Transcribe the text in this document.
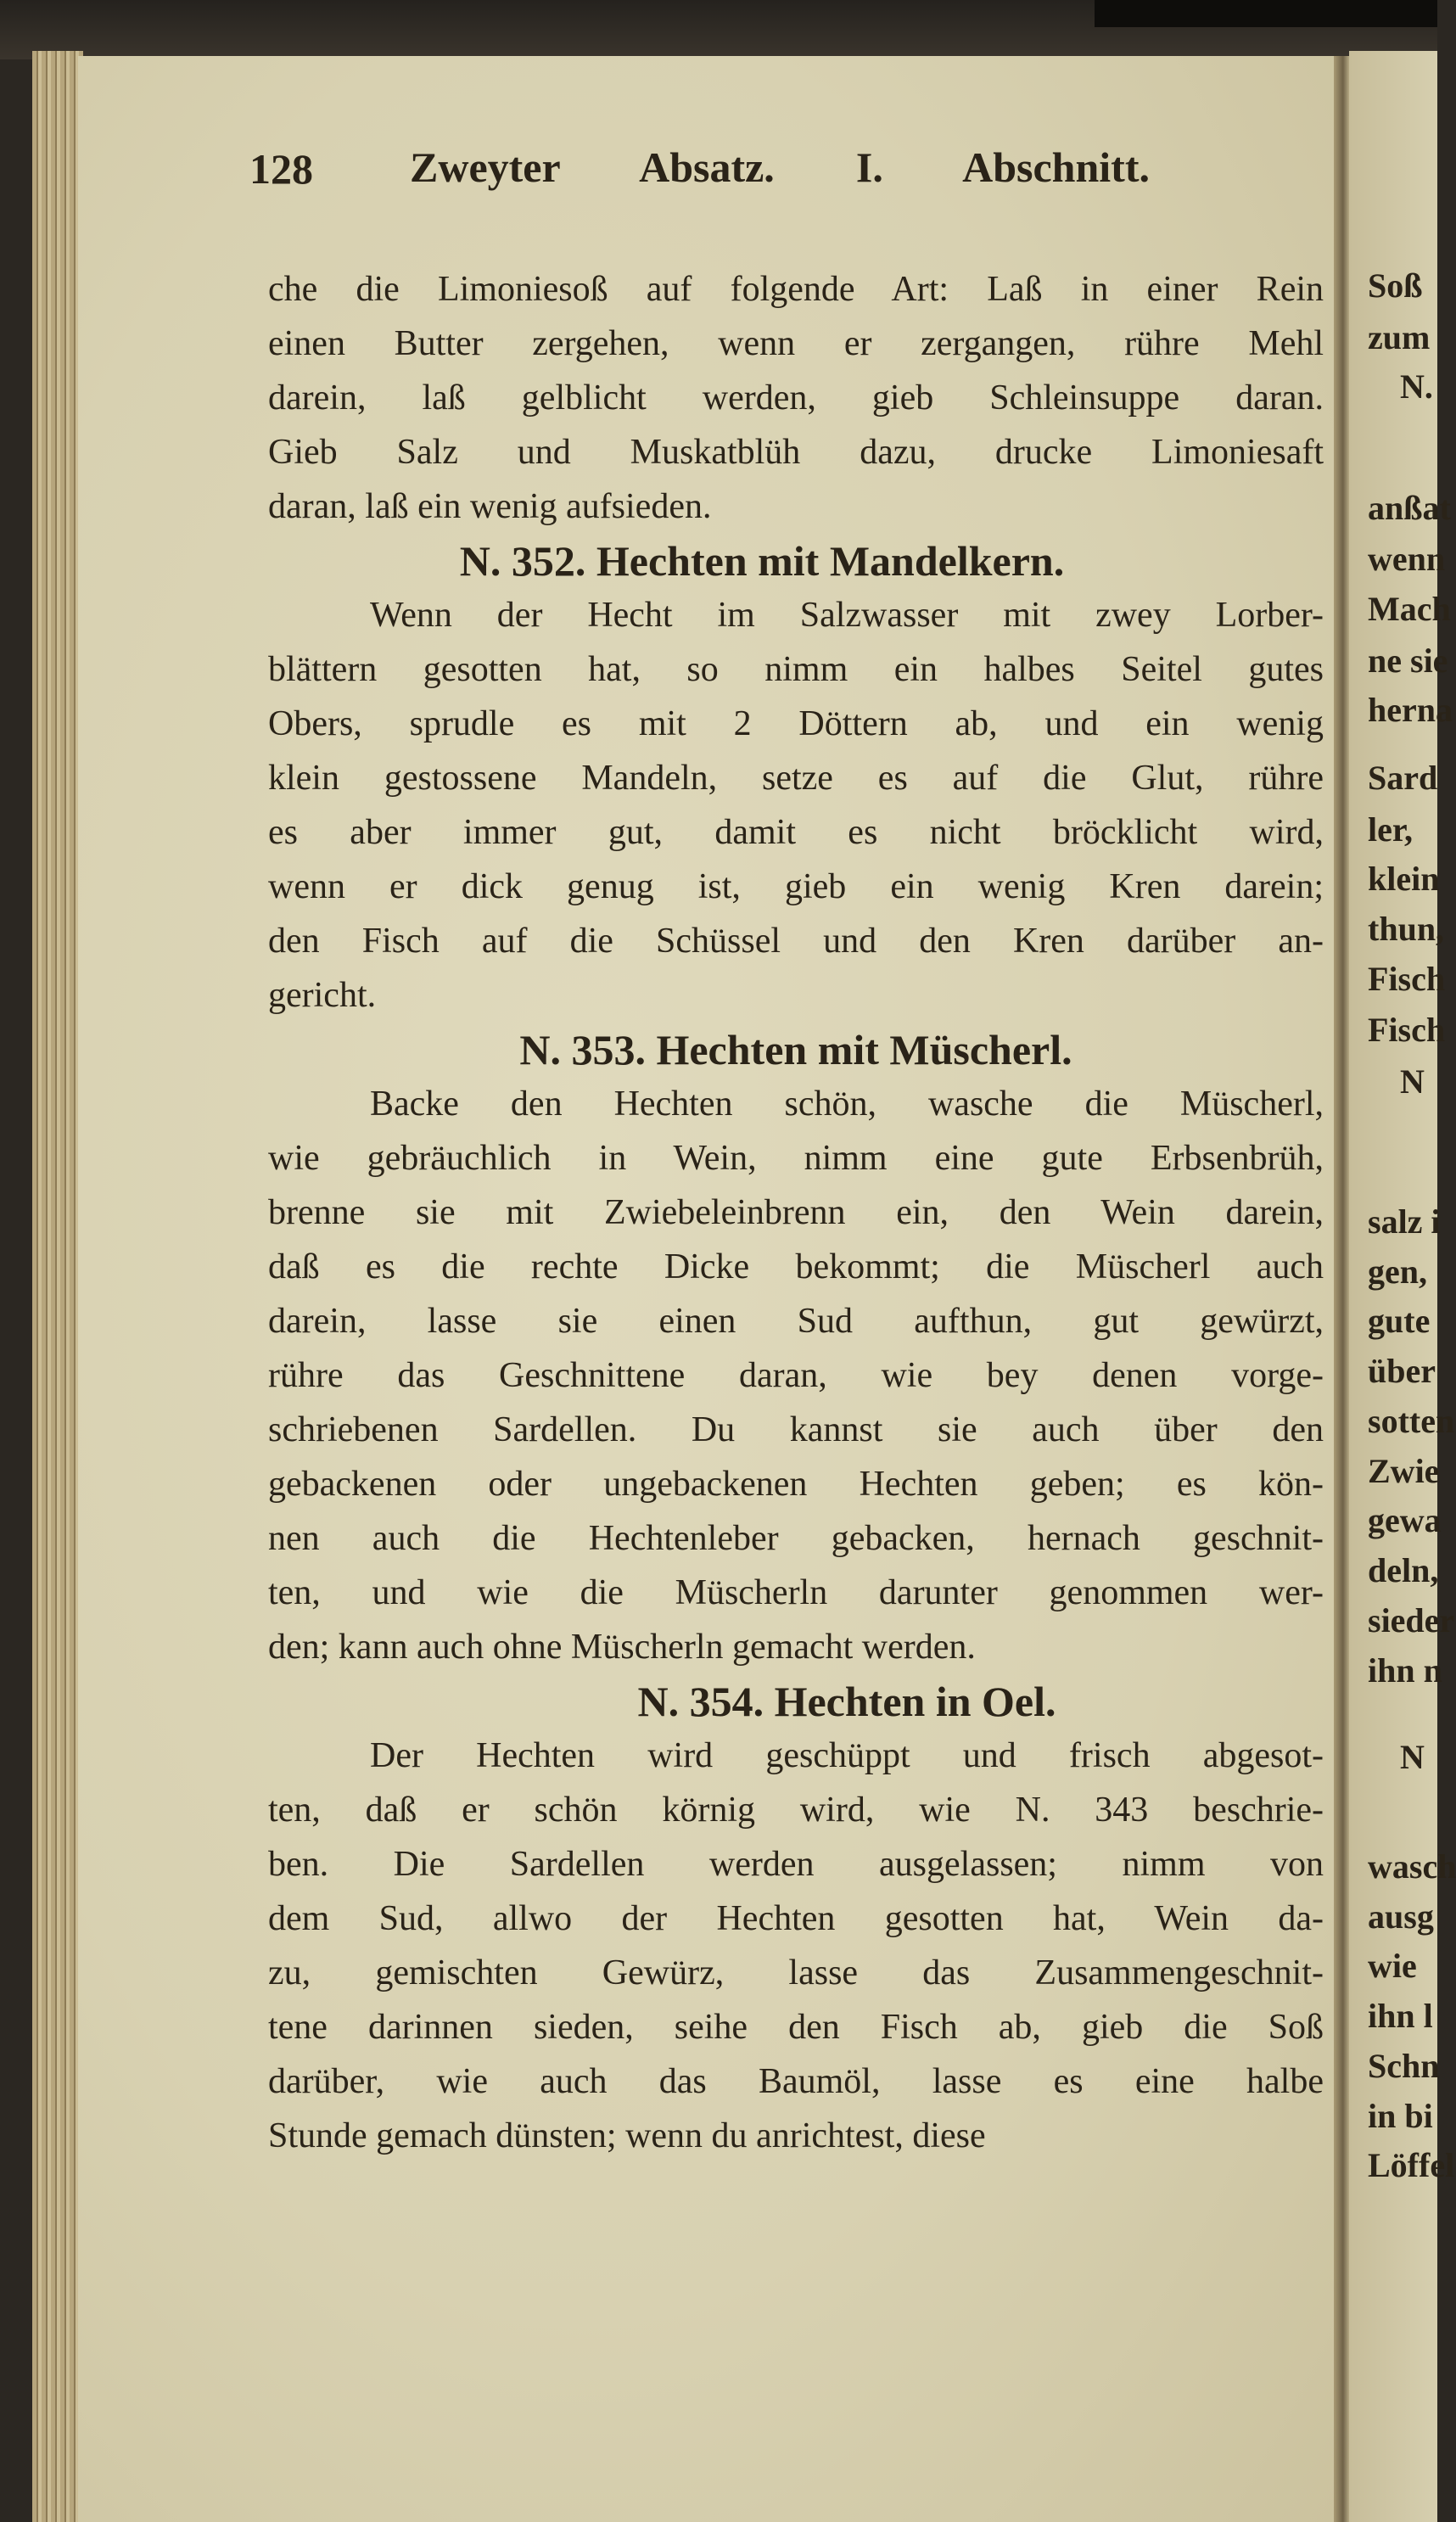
Soß
zum
N.
anßat
wenn
Mach
ne sie
herna
Sard
ler,
klein
thun,
Fisch
Fisch
N
salz i
gen,
gute
über
sotten
Zwie
gewa
deln,
sieder
ihn n
N
wasch
ausg
wie
ihn l
Schn
in bi
Löffel
128 Zweyter Absatz. I. Abschnitt.
che die Limoniesoß auf folgende Art: Laß in einer Rein
einen Butter zergehen, wenn er zergangen, rühre Mehl
darein, laß gelblicht werden, gieb Schleinsuppe daran.
Gieb Salz und Muskatblüh dazu, drucke Limoniesaft
daran, laß ein wenig aufsieden.
N. 352. Hechten mit Mandelkern.
Wenn der Hecht im Salzwasser mit zwey Lorber-
blättern gesotten hat, so nimm ein halbes Seitel gutes
Obers, sprudle es mit 2 Döttern ab, und ein wenig
klein gestossene Mandeln, setze es auf die Glut, rühre
es aber immer gut, damit es nicht bröcklicht wird,
wenn er dick genug ist, gieb ein wenig Kren darein;
den Fisch auf die Schüssel und den Kren darüber an-
gericht.
N. 353. Hechten mit Müscherl.
Backe den Hechten schön, wasche die Müscherl,
wie gebräuchlich in Wein, nimm eine gute Erbsenbrüh,
brenne sie mit Zwiebeleinbrenn ein, den Wein darein,
daß es die rechte Dicke bekommt; die Müscherl auch
darein, lasse sie einen Sud aufthun, gut gewürzt,
rühre das Geschnittene daran, wie bey denen vorge-
schriebenen Sardellen. Du kannst sie auch über den
gebackenen oder ungebackenen Hechten geben; es kön-
nen auch die Hechtenleber gebacken, hernach geschnit-
ten, und wie die Müscherln darunter genommen wer-
den; kann auch ohne Müscherln gemacht werden.
N. 354. Hechten in Oel.
Der Hechten wird geschüppt und frisch abgesot-
ten, daß er schön körnig wird, wie N. 343 beschrie-
ben. Die Sardellen werden ausgelassen; nimm von
dem Sud, allwo der Hechten gesotten hat, Wein da-
zu, gemischten Gewürz, lasse das Zusammengeschnit-
tene darinnen sieden, seihe den Fisch ab, gieb die Soß
darüber, wie auch das Baumöl, lasse es eine halbe
Stunde gemach dünsten; wenn du anrichtest, diese
